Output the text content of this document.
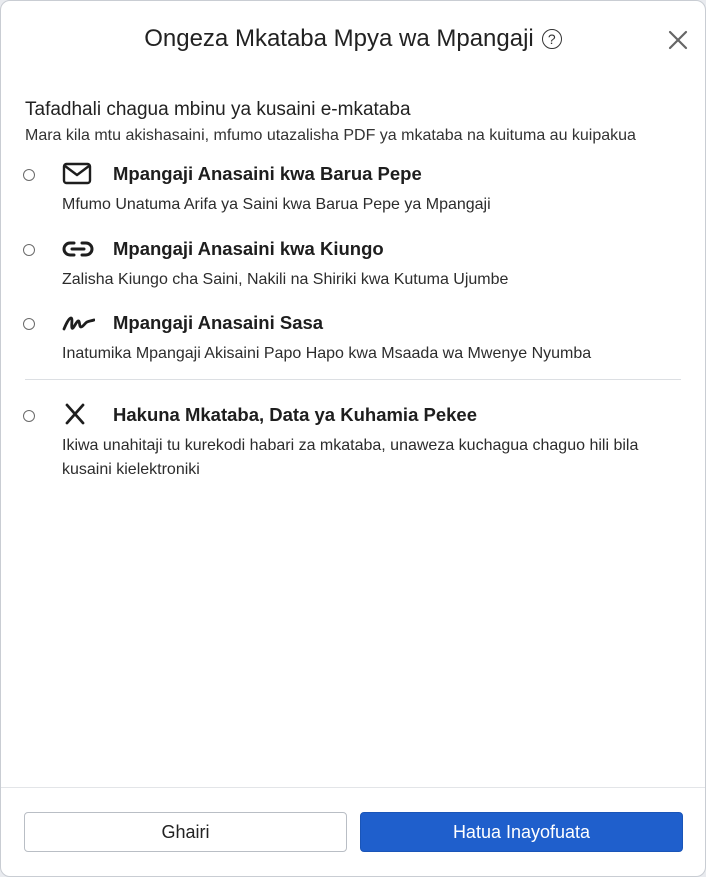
Ongeza Mkataba Mpya wa Mpangaji	?
Tafadhali chagua mbinu ya kusaini e-mkataba
Mara kila mtu akishasaini, mfumo utazalisha PDF ya mkataba na kuituma au kuipakua
Mpangaji Anasaini kwa Barua Pepe
Mfumo Unatuma Arifa ya Saini kwa Barua Pepe ya Mpangaji
Mpangaji Anasaini kwa Kiungo
Zalisha Kiungo cha Saini, Nakili na Shiriki kwa Kutuma Ujumbe
Mpangaji Anasaini Sasa
Inatumika Mpangaji Akisaini Papo Hapo kwa Msaada wa Mwenye Nyumba
Hakuna Mkataba, Data ya Kuhamia Pekee
Ikiwa unahitaji tu kurekodi habari za mkataba, unaweza kuchagua chaguo hili bila kusaini kielektroniki
Ghairi	Hatua Inayofuata
